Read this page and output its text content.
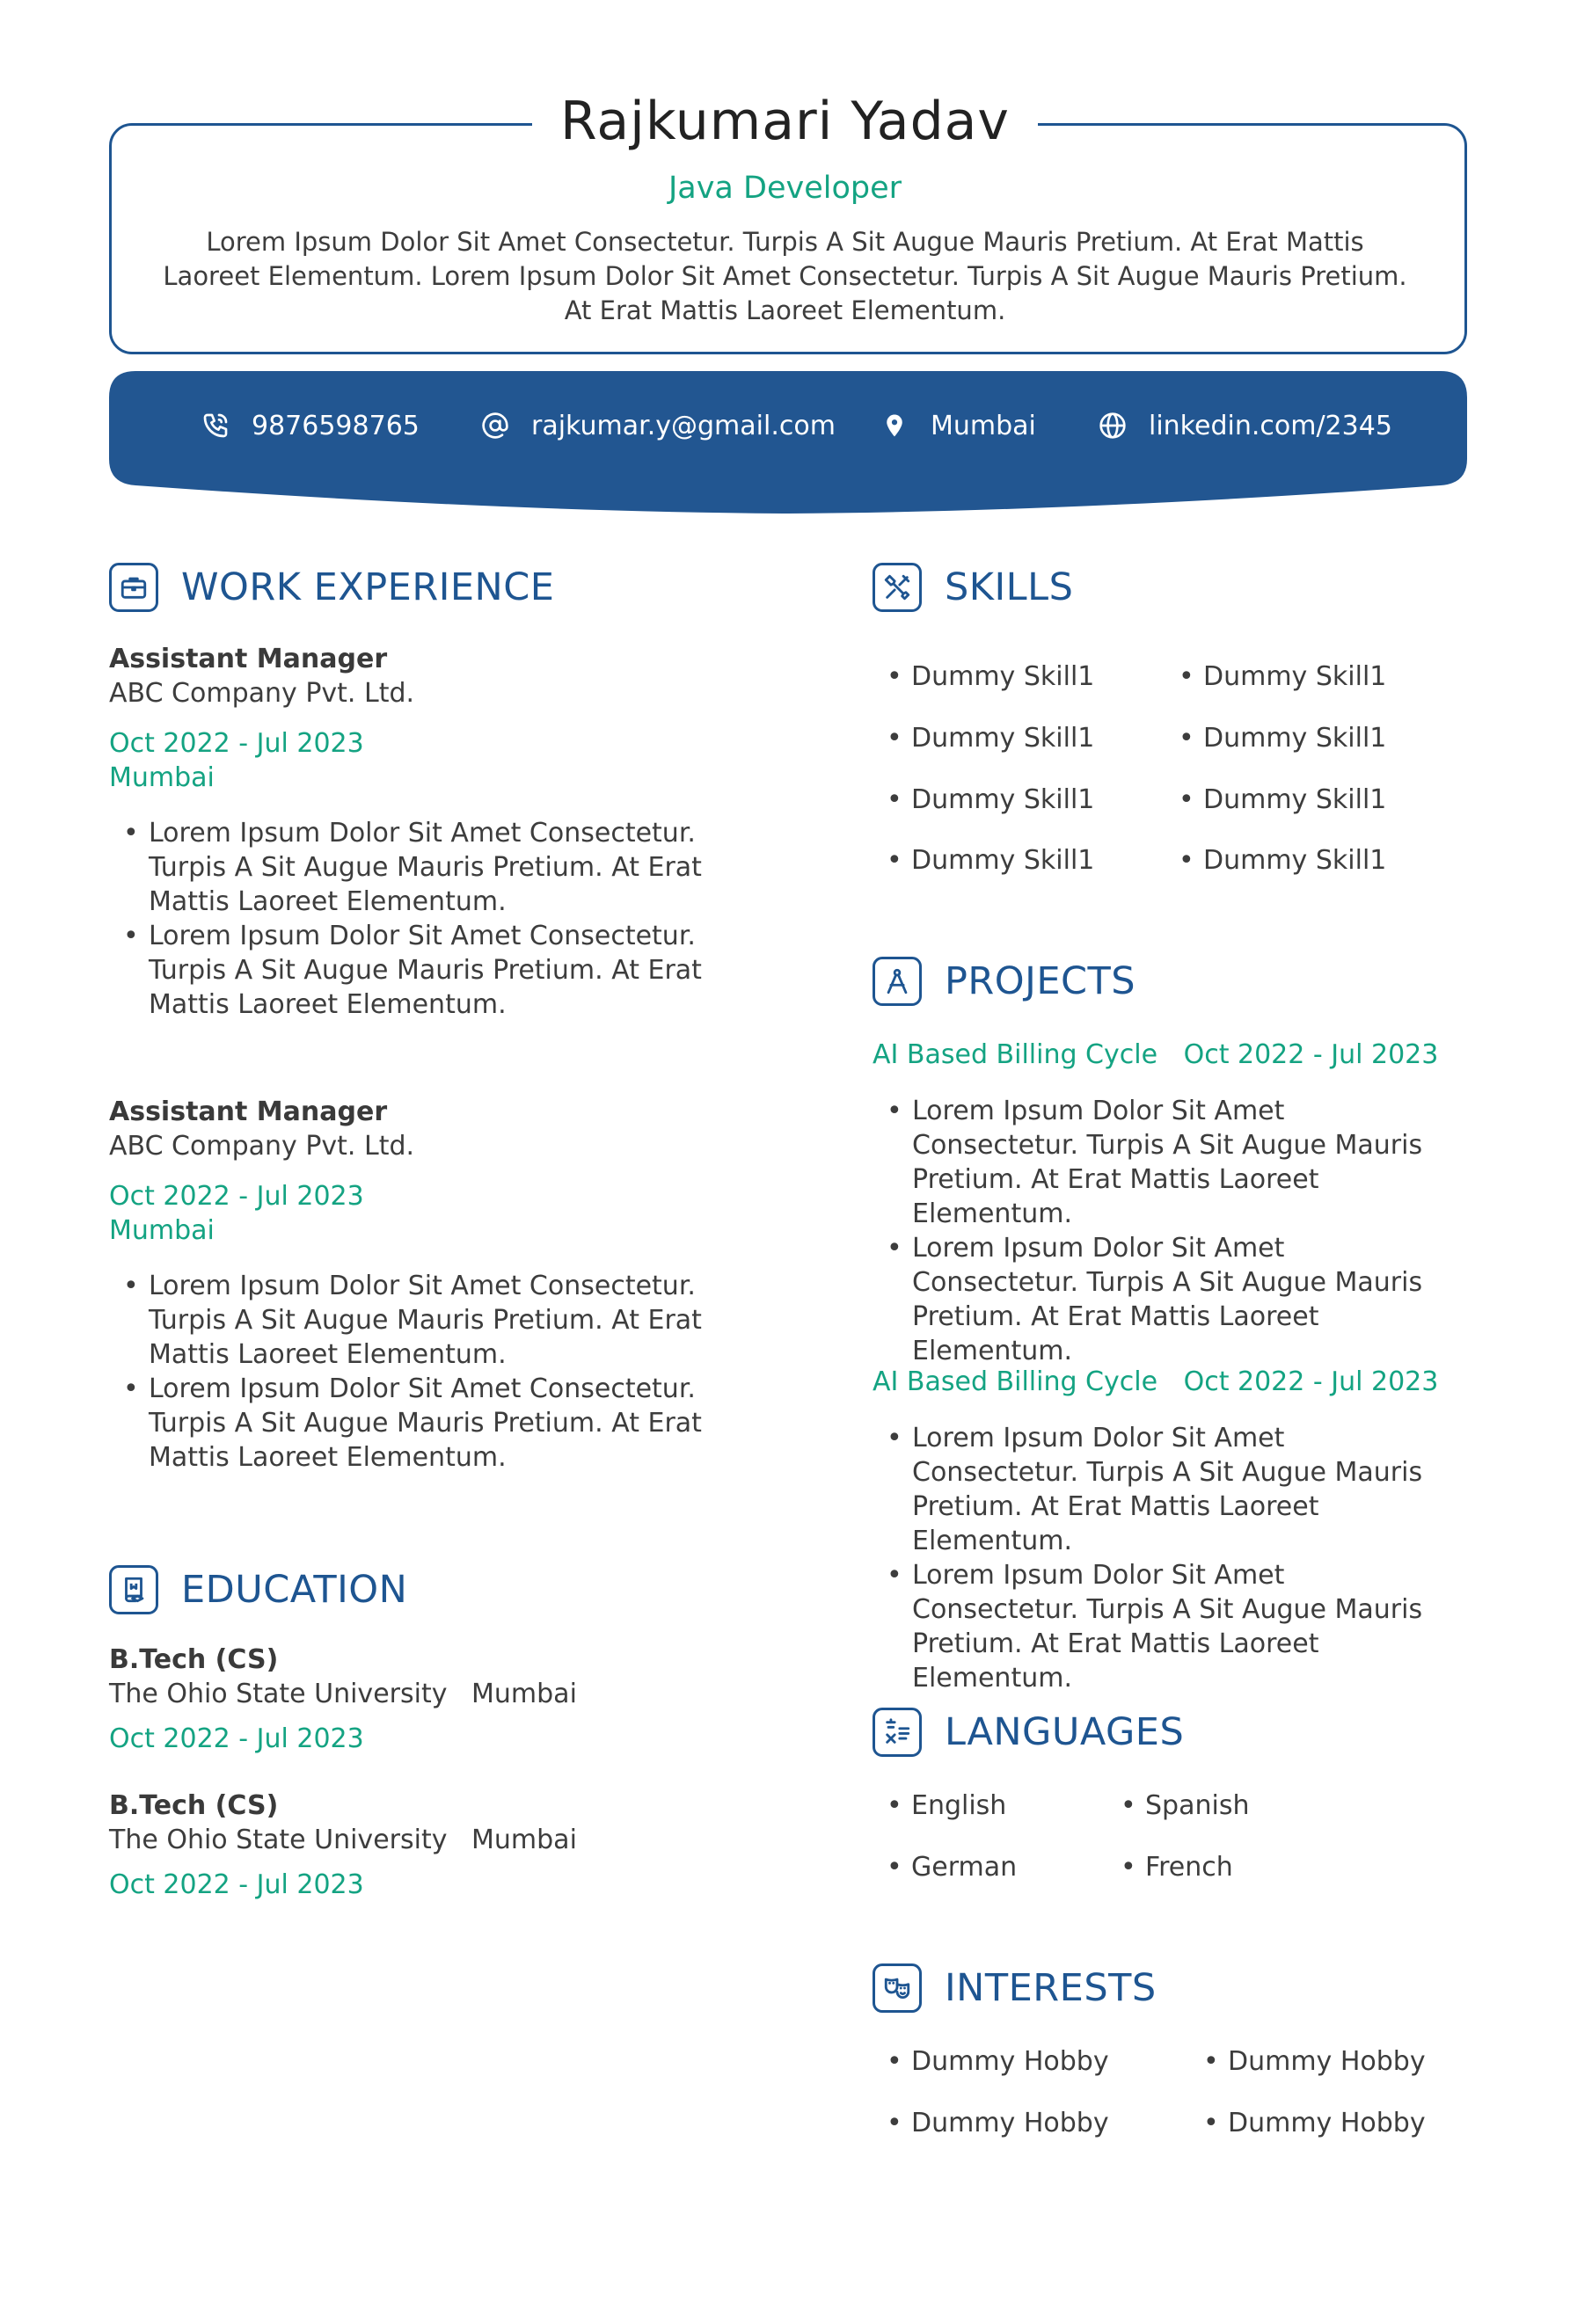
Rajkumari Yadav
Java Developer
Lorem Ipsum Dolor Sit Amet Consectetur. Turpis A Sit Augue Mauris Pretium. At Erat Mattis Laoreet Elementum. Lorem Ipsum Dolor Sit Amet Consectetur. Turpis A Sit Augue Mauris Pretium. At Erat Mattis Laoreet Elementum.
9876598765	rajkumar.y@gmail.com	Mumbai	linkedin.com/2345
WORK EXPERIENCE
Assistant Manager
ABC Company Pvt. Ltd.
Oct 2022 - Jul 2023
Mumbai
• Lorem Ipsum Dolor Sit Amet Consectetur. Turpis A Sit Augue Mauris Pretium. At Erat Mattis Laoreet Elementum.
• Lorem Ipsum Dolor Sit Amet Consectetur. Turpis A Sit Augue Mauris Pretium. At Erat Mattis Laoreet Elementum.
Assistant Manager
ABC Company Pvt. Ltd.
Oct 2022 - Jul 2023
Mumbai
• Lorem Ipsum Dolor Sit Amet Consectetur. Turpis A Sit Augue Mauris Pretium. At Erat Mattis Laoreet Elementum.
• Lorem Ipsum Dolor Sit Amet Consectetur. Turpis A Sit Augue Mauris Pretium. At Erat Mattis Laoreet Elementum.
EDUCATION
B.Tech (CS)
The Ohio State University Mumbai
Oct 2022 - Jul 2023
B.Tech (CS)
The Ohio State University Mumbai
Oct 2022 - Jul 2023
SKILLS
• Dummy Skill1	• Dummy Skill1
• Dummy Skill1	• Dummy Skill1
• Dummy Skill1	• Dummy Skill1
• Dummy Skill1	• Dummy Skill1
PROJECTS
AI Based Billing Cycle Oct 2022 - Jul 2023
• Lorem Ipsum Dolor Sit Amet Consectetur. Turpis A Sit Augue Mauris Pretium. At Erat Mattis Laoreet Elementum.
• Lorem Ipsum Dolor Sit Amet Consectetur. Turpis A Sit Augue Mauris Pretium. At Erat Mattis Laoreet Elementum.
AI Based Billing Cycle Oct 2022 - Jul 2023
• Lorem Ipsum Dolor Sit Amet Consectetur. Turpis A Sit Augue Mauris Pretium. At Erat Mattis Laoreet Elementum.
• Lorem Ipsum Dolor Sit Amet Consectetur. Turpis A Sit Augue Mauris Pretium. At Erat Mattis Laoreet Elementum.
LANGUAGES
• English	• Spanish
• German	• French
INTERESTS
• Dummy Hobby	• Dummy Hobby
• Dummy Hobby	• Dummy Hobby
